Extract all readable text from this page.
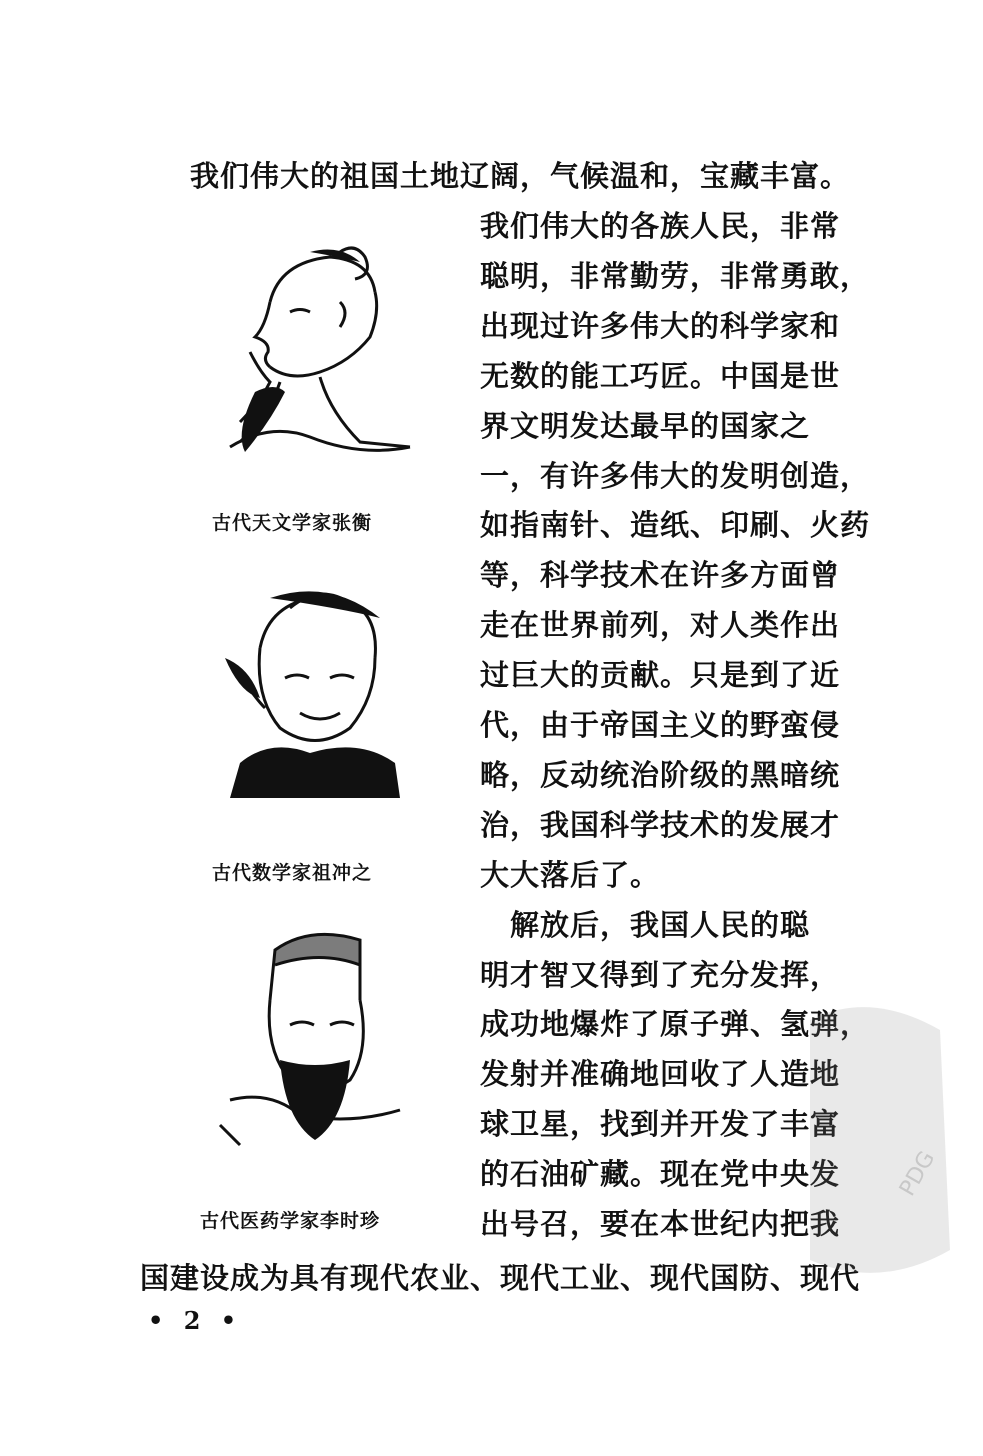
我们伟大的祖国土地辽阔，气候温和，宝藏丰富。
我们伟大的各族人民，非常
聪明，非常勤劳，非常勇敢，
出现过许多伟大的科学家和
无数的能工巧匠。中国是世
界文明发达最早的国家之
一，有许多伟大的发明创造，
如指南针、造纸、印刷、火药
等，科学技术在许多方面曾
走在世界前列，对人类作出
过巨大的贡献。只是到了近
代，由于帝国主义的野蛮侵
略，反动统治阶级的黑暗统
治，我国科学技术的发展才
大大落后了。
　解放后，我国人民的聪
明才智又得到了充分发挥，
成功地爆炸了原子弹、氢弹，
发射并准确地回收了人造地
球卫星，找到并开发了丰富
的石油矿藏。现在党中央发
出号召，要在本世纪内把我
古代天文学家张衡
古代数学家祖冲之
古代医药学家李时珍
国建设成为具有现代农业、现代工业、现代国防、现代
• 2 •
PDG
